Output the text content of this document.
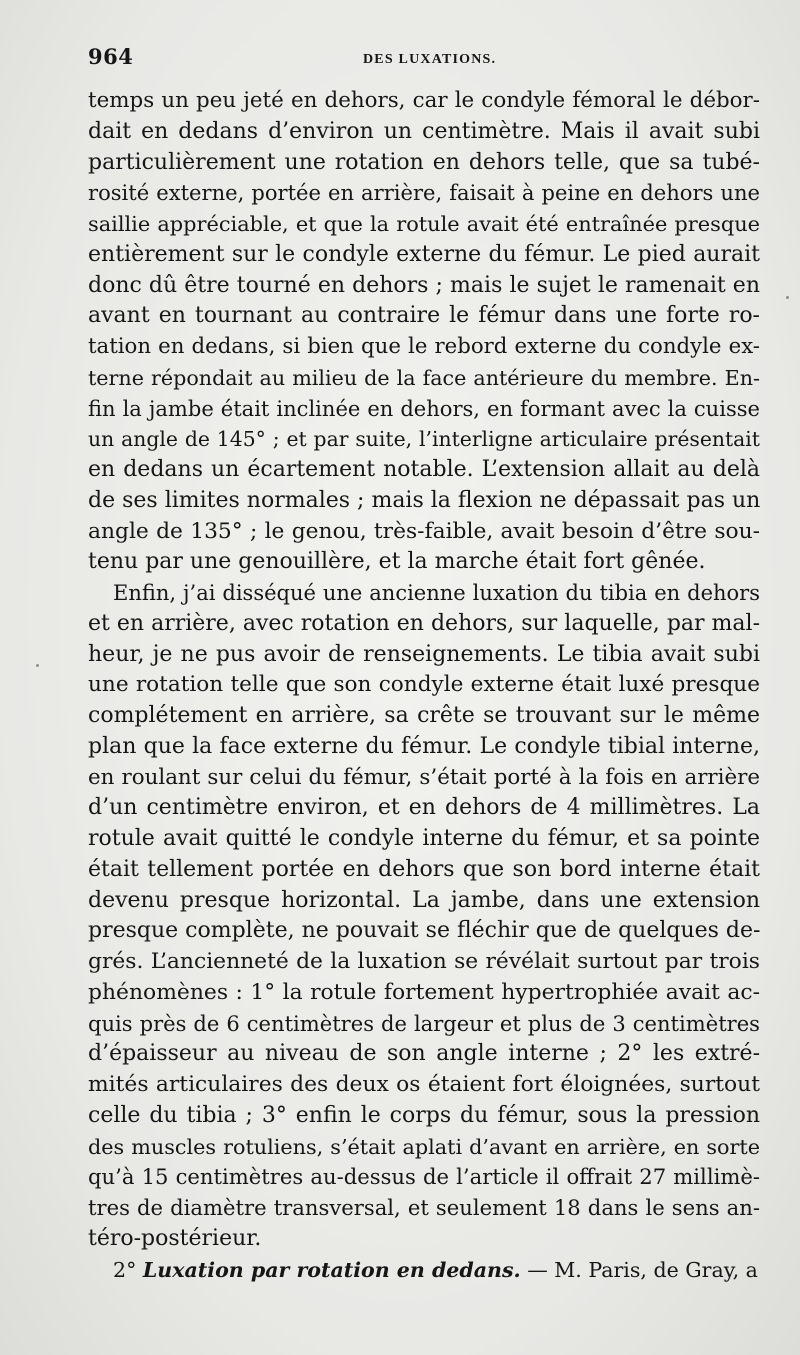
964	DES LUXATIONS.
temps un peu jeté en dehors, car le condyle fémoral le débor-
dait en dedans d’environ un centimètre. Mais il avait subi
particulièrement une rotation en dehors telle, que sa tubé-
rosité externe, portée en arrière, faisait à peine en dehors une
saillie appréciable, et que la rotule avait été entraînée presque
entièrement sur le condyle externe du fémur. Le pied aurait
donc dû être tourné en dehors ; mais le sujet le ramenait en
avant en tournant au contraire le fémur dans une forte ro-
tation en dedans, si bien que le rebord externe du condyle ex-
terne répondait au milieu de la face antérieure du membre. En-
fin la jambe était inclinée en dehors, en formant avec la cuisse
un angle de 145° ; et par suite, l’interligne articulaire présentait
en dedans un écartement notable. L’extension allait au delà
de ses limites normales ; mais la flexion ne dépassait pas un
angle de 135° ; le genou, très-faible, avait besoin d’être sou-
tenu par une genouillère, et la marche était fort gênée.
Enfin, j’ai disséqué une ancienne luxation du tibia en dehors
et en arrière, avec rotation en dehors, sur laquelle, par mal-
heur, je ne pus avoir de renseignements. Le tibia avait subi
une rotation telle que son condyle externe était luxé presque
complétement en arrière, sa crête se trouvant sur le même
plan que la face externe du fémur. Le condyle tibial interne,
en roulant sur celui du fémur, s’était porté à la fois en arrière
d’un centimètre environ, et en dehors de 4 millimètres. La
rotule avait quitté le condyle interne du fémur, et sa pointe
était tellement portée en dehors que son bord interne était
devenu presque horizontal. La jambe, dans une extension
presque complète, ne pouvait se fléchir que de quelques de-
grés. L’ancienneté de la luxation se révélait surtout par trois
phénomènes : 1° la rotule fortement hypertrophiée avait ac-
quis près de 6 centimètres de largeur et plus de 3 centimètres
d’épaisseur au niveau de son angle interne ; 2° les extré-
mités articulaires des deux os étaient fort éloignées, surtout
celle du tibia ; 3° enfin le corps du fémur, sous la pression
des muscles rotuliens, s’était aplati d’avant en arrière, en sorte
qu’à 15 centimètres au-dessus de l’article il offrait 27 millimè-
tres de diamètre transversal, et seulement 18 dans le sens an-
téro-postérieur.
2° Luxation par rotation en dedans. — M. Paris, de Gray, a
